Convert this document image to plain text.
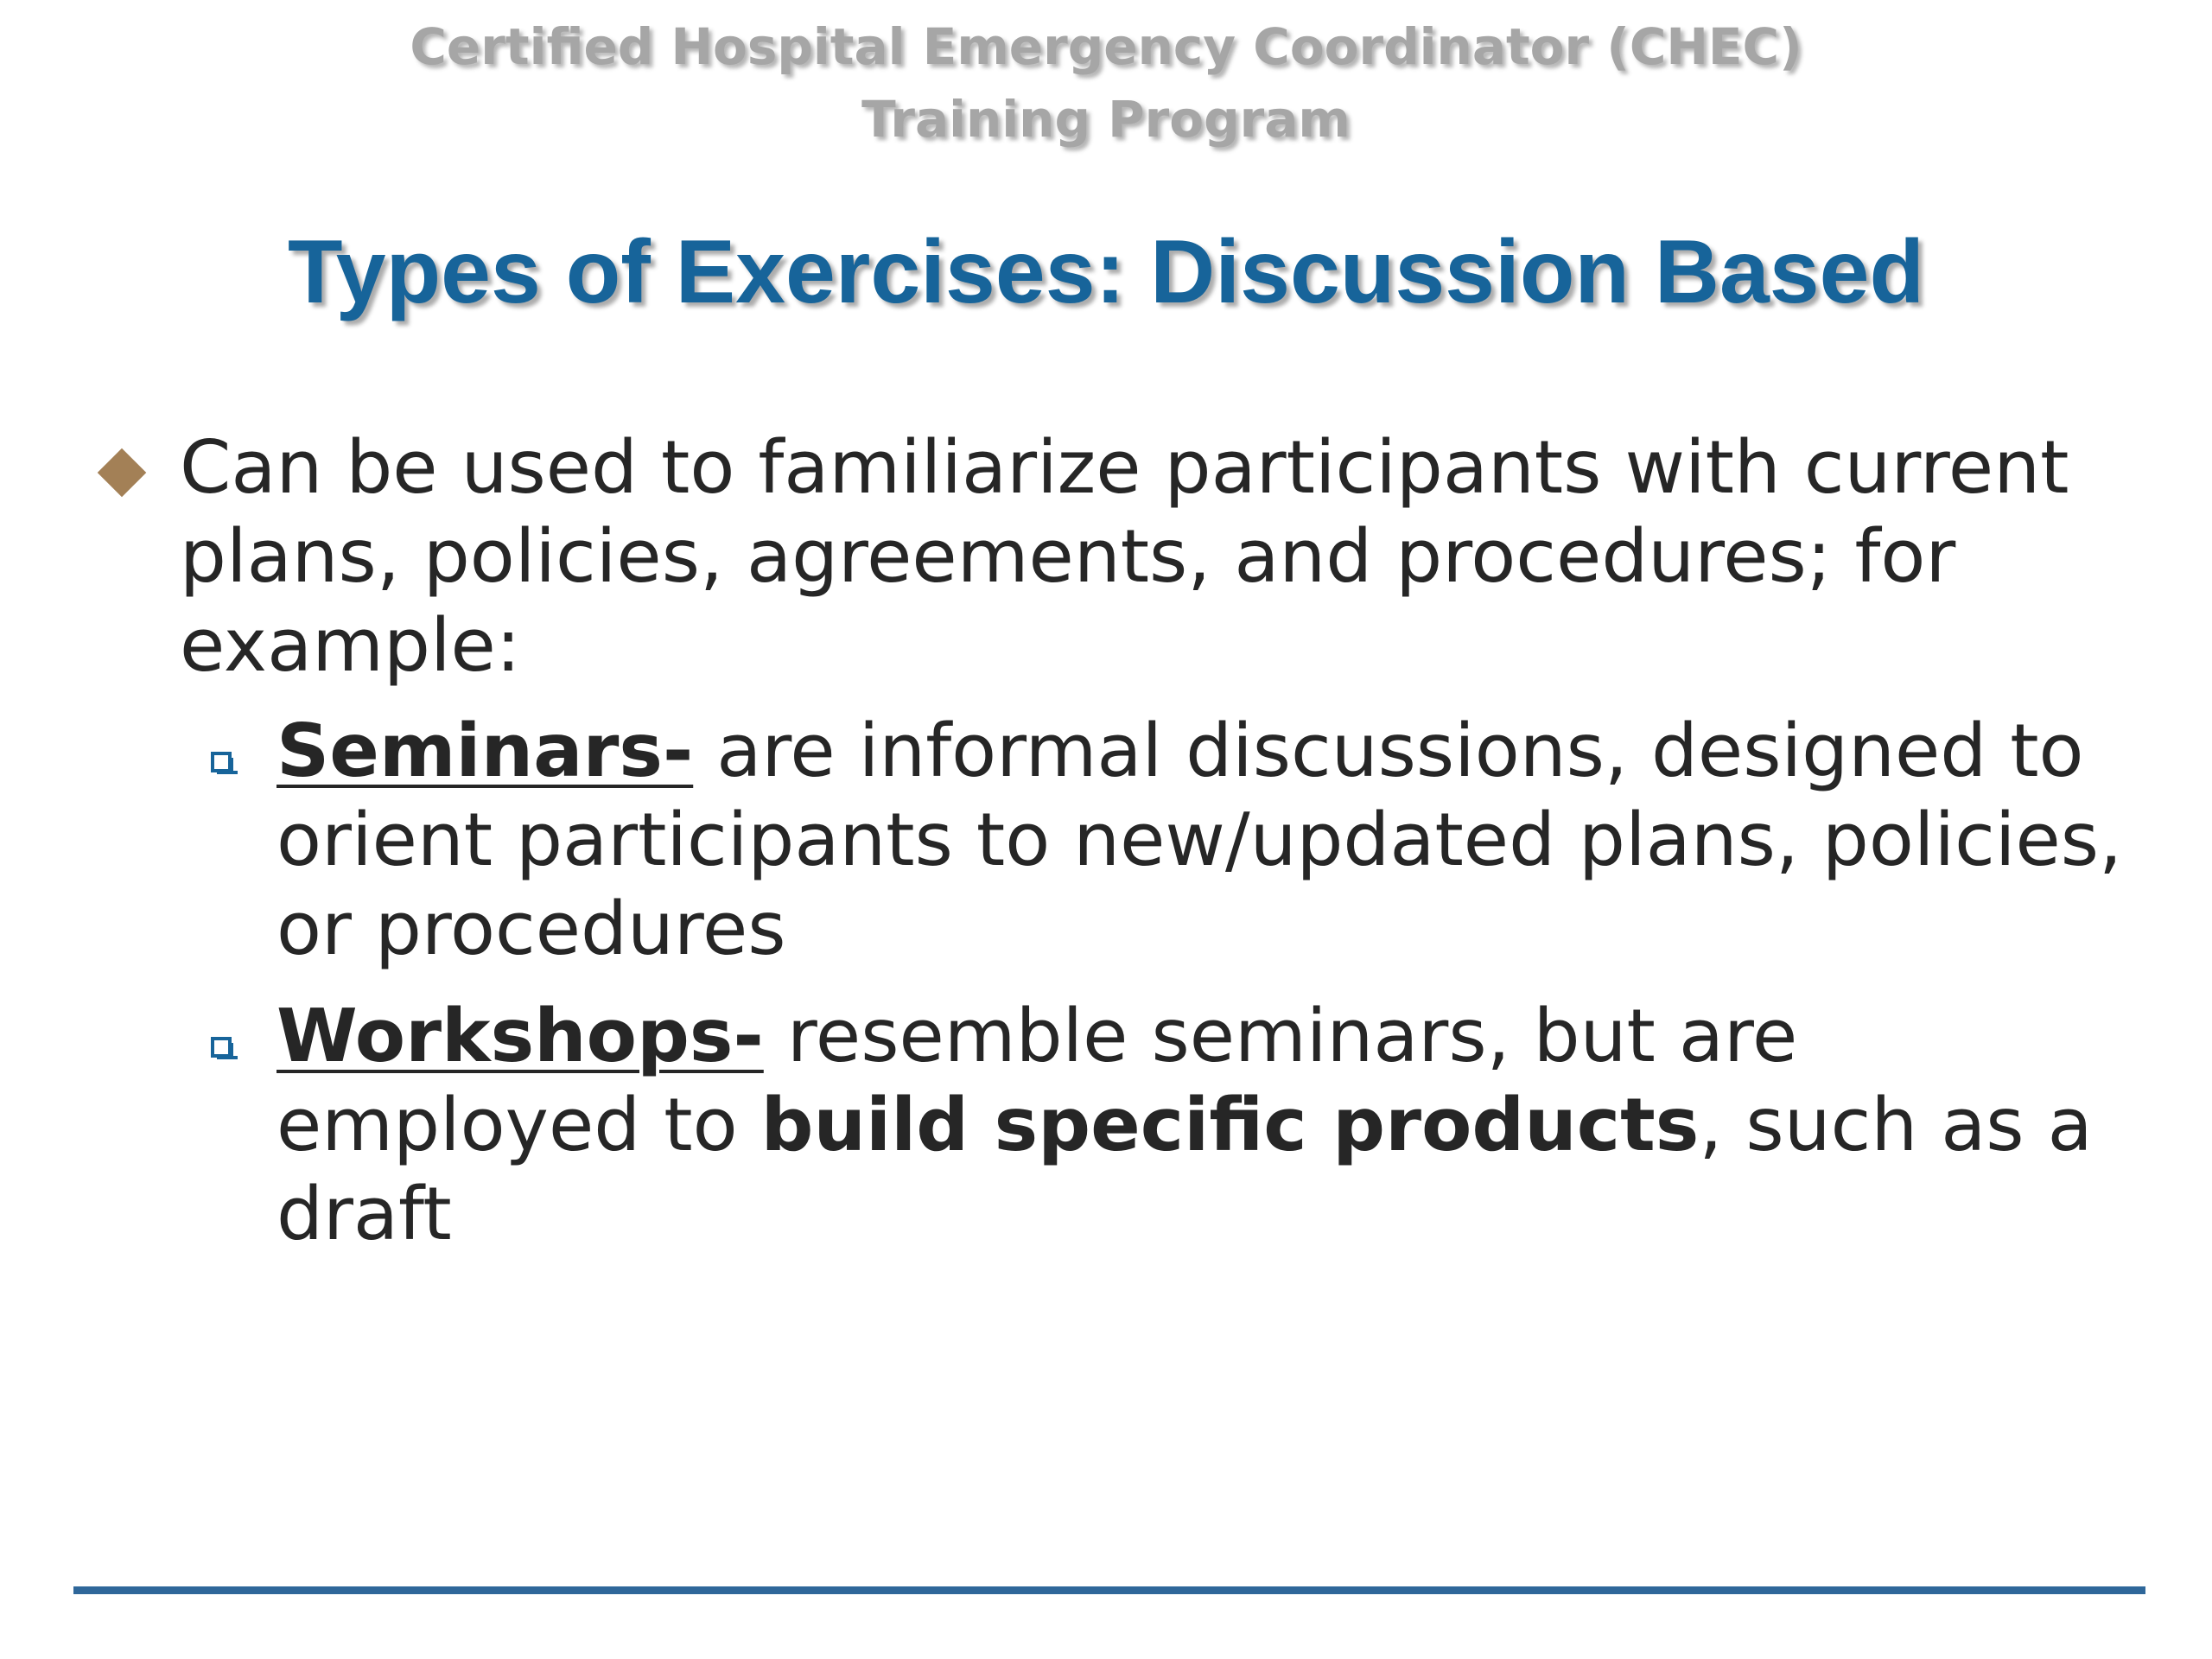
Certified Hospital Emergency Coordinator (CHEC)
Training Program
Types of Exercises: Discussion Based
Can be used to familiarize participants with current plans, policies, agreements, and procedures; for example:
Seminars- are informal discussions, designed to orient participants to new/updated plans, policies, or procedures
Workshops- resemble seminars, but are employed to build specific products, such as a draft
